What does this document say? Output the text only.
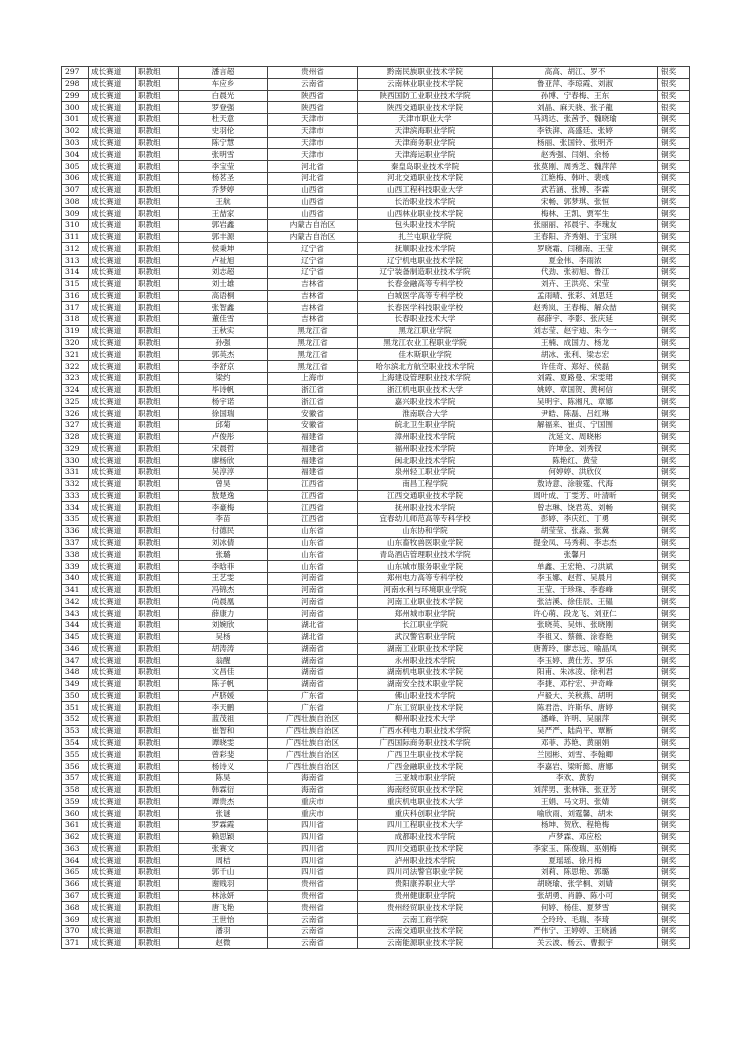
297	成长赛道	职教组	潘言超	贵州省	黔南民族职业技术学院	高高、胡江、罗不	银奖
298	成长赛道	职教组	车应乡	云南省	云南林业职业技术学院	鲁亚萍、李琼霞、刘淑	银奖
299	成长赛道	职教组	白晨光	陕西省	陕西国防工业职业技术学院	孙博、宁春梅、王东	银奖
300	成长赛道	职教组	罗登强	陕西省	陕西交通职业技术学院	刘晶、麻天骁、张子龍	银奖
301	成长赛道	职教组	杜天意	天津市	天津市职业大学	马鸿达、张茜予、魏晓瑜	铜奖
302	成长赛道	职教组	史羽伦	天津市	天津滨海职业学院	李铁湃、高盛廷、张婷	铜奖
303	成长赛道	职教组	陈宁慧	天津市	天津商务职业学院	杨丽、张国铃、张明齐	铜奖
304	成长赛道	职教组	张明雪	天津市	天津海运职业学院	赵秀强、闫娟、余杨	铜奖
305	成长赛道	职教组	李宝莹	河北省	秦皇岛职业技术学院	张莫刚、周秀芝、魏萍萍	铜奖
306	成长赛道	职教组	杨茗圣	河北省	河北交通职业技术学院	江艳梅、韩叶、裴彧	铜奖
307	成长赛道	职教组	乔梦婷	山西省	山西工程科技职业大学	武若涵、张博、李霖	铜奖
308	成长赛道	职教组	王航	山西省	长治职业技术学院	宋畅、郭梦琪、张恒	铜奖
309	成长赛道	职教组	王喆家	山西省	山西林业职业技术学院	梅林、王凯、贾军生	铜奖
310	成长赛道	职教组	郭岩鑫	内蒙古自治区	包头职业技术学院	张丽丽、祁晨宇、李瑰友	铜奖
311	成长赛道	职教组	郭丰源	内蒙古自治区	扎兰屯职业学院	王春阳、齐秀娟、于宝琪	铜奖
312	成长赛道	职教组	侯秉坤	辽宁省	抚顺职业技术学院	罗晓霜、闫穗南、王莹	铜奖
313	成长赛道	职教组	卢祉旭	辽宁省	辽宁机电职业技术学院	夏金伟、李雨浓	铜奖
314	成长赛道	职教组	刘志超	辽宁省	辽宁装备制造职业技术学院	代劲、张初旭、鲁江	铜奖
315	成长赛道	职教组	刘士雄	吉林省	长春金融高等专科学校	刘卉、王洪亮、宋莹	铜奖
316	成长赛道	职教组	高语桐	吉林省	白城医学高等专科学校	孟雨晴、张彩、刘思廷	铜奖
317	成长赛道	职教组	张智鑫	吉林省	长春医学科技职业学校	赵秀岚、王春梅、解众喆	铜奖
318	成长赛道	职教组	董佳雪	吉林省	长春职业技术大学	郝薛宇、李影、张庆延	铜奖
319	成长赛道	职教组	王秋实	黑龙江省	黑龙江职业学院	刘志莹、赵宇迪、朱今一	铜奖
320	成长赛道	职教组	孙强	黑龙江省	黑龙江农业工程职业学院	王楠、成国力、杨龙	铜奖
321	成长赛道	职教组	郭英杰	黑龙江省	佳木斯职业学院	胡冰、张利、梁志宏	铜奖
322	成长赛道	职教组	李舒京	黑龙江省	哈尔滨北方航空职业技术学院	许佳奇、郑好、侯磊	铜奖
323	成长赛道	职教组	梁约	上海市	上海建设管理职业技术学院	刘霞、夏路曼、宋雯珺	铜奖
324	成长赛道	职教组	毕诗帆	浙江省	浙江机电职业技术大学	姚婷、章国贺、黄柯信	铜奖
325	成长赛道	职教组	杨宇诺	浙江省	嘉兴职业技术学院	吴明宇、陈湘凡、章娜	铜奖
326	成长赛道	职教组	徐国瑞	安徽省	淮南联合大学	尹皓、陈磊、吕红琳	铜奖
327	成长赛道	职教组	邱菊	安徽省	皖北卫生职业学院	解福来、崔贞、宁国围	铜奖
328	成长赛道	职教组	卢俊彤	福建省	漳州职业技术学院	沈延文、周晓彬	铜奖
329	成长赛道	职教组	宋晨哲	福建省	福州职业技术学院	许坤金、刘秀钗	铜奖
330	成长赛道	职教组	廖杨欣	福建省	闽北职业技术学院	陈艳红、黄莹	铜奖
331	成长赛道	职教组	吴淳淳	福建省	泉州轻工职业学院	何婷婷、洪欣仪	铜奖
332	成长赛道	职教组	曾昊	江西省	南昌工程学院	敖诗意、涂骏霆、代海	铜奖
333	成长赛道	职教组	敖楚逸	江西省	江西交通职业技术学院	周叶成、丁雯芳、叶清昕	铜奖
334	成长赛道	职教组	李豪梅	江西省	抚州职业技术学院	曾志琳、饶君英、刘畅	铜奖
335	成长赛道	职教组	李苗	江西省	宜春幼儿师范高等专科学校	彭婷、李庆红、丁勇	铜奖
336	成长赛道	职教组	付德民	山东省	山东协和学院	胡莹莹、张淼、张冀	铜奖
337	成长赛道	职教组	刘冰倩	山东省	山东畜牧兽医职业学院	提金凤、马秀莉、李志杰	铜奖
338	成长赛道	职教组	张璐	山东省	青岛酒店管理职业技术学院	张馨月	铜奖
339	成长赛道	职教组	李晗菲	山东省	山东城市服务职业学院	单鑫、王宏艳、刁洪斌	铜奖
340	成长赛道	职教组	王艺雯	河南省	郑州电力高等专科学校	李玉娜、赵哲、吴晨月	铜奖
341	成长赛道	职教组	冯锦杰	河南省	河南水利与环境职业学院	王莹、于珍珠、李春峰	铜奖
342	成长赛道	职教组	尚晨凰	河南省	河南工业职业技术学院	张洁溪、徐佳辰、王韫	铜奖
343	成长赛道	职教组	薛康力	河南省	郑州城市职业学院	许心萌、段龙飞、刘亚仁	铜奖
344	成长赛道	职教组	刘婉欣	湖北省	长江职业学院	张晓英、吴炜、张晓刚	铜奖
345	成长赛道	职教组	吴杨	湖北省	武汉警官职业学院	李祖又、蔡薇、涂春艳	铜奖
346	成长赛道	职教组	胡涛涛	湖南省	湖南工业职业技术学院	唐菁玲、廖志远、喻晶凤	铜奖
347	成长赛道	职教组	翁醒	湖南省	永州职业技术学院	李玉婷、黄仕芳、罗乐	铜奖
348	成长赛道	职教组	文昌佳	湖南省	湖南机电职业技术学院	阳甫、朱冰凌、徐利君	铜奖
349	成长赛道	职教组	陈子帆	湖南省	湖南安全技术职业学院	李捷、邓柠宏、尹奇峰	铜奖
350	成长赛道	职教组	卢脐媛	广东省	佛山职业技术学院	卢毅大、关秋燕、胡明	铜奖
351	成长赛道	职教组	李天鹏	广东省	广东工贸职业技术学院	陈君浩、许斯华、唐婷	铜奖
352	成长赛道	职教组	蓝茂祖	广西壮族自治区	柳州职业技术大学	潘峰、许明、吴丽萍	铜奖
353	成长赛道	职教组	崔智和	广西壮族自治区	广西水利电力职业技术学院	吴严严、陆尚平、覃断	铜奖
354	成长赛道	职教组	谭晓雯	广西壮族自治区	广西国际商务职业技术学院	邓菲、苏艳、黄丽娟	铜奖
355	成长赛道	职教组	曾彩斐	广西壮族自治区	广西卫生职业技术学院	兰园彬、刘雪、李翰卿	铜奖
356	成长赛道	职教组	杨诗义	广西壮族自治区	广西金融职业技术学院	李嘉岩、梁昕懿、唐娜	铜奖
357	成长赛道	职教组	陈昊	海南省	三亚城市职业学院	李欢、黄豹	铜奖
358	成长赛道	职教组	韩霖衍	海南省	海南经贸职业技术学院	刘萍男、张林锋、张亚芳	铜奖
359	成长赛道	职教组	谭贵杰	重庆市	重庆机电职业技术大学	王娟、马文玥、张婧	铜奖
360	成长赛道	职教组	张谜	重庆市	重庆科创职业学院	喻欣雨、刘霆馨、胡未	铜奖
361	成长赛道	职教组	罗霖霞	四川省	四川工程职业技术大学	杨坤、贺欣、程艳梅	铜奖
362	成长赛道	职教组	赖思颖	四川省	成都职业技术学院	卢梦霖、邓应松	铜奖
363	成长赛道	职教组	张赛文	四川省	四川交通职业技术学院	李家玉、陈俊瑞、巫娟梅	铜奖
364	成长赛道	职教组	周桔	四川省	泸州职业技术学院	夏瑶瑶、徐月梅	铜奖
365	成长赛道	职教组	郭千山	四川省	四川司法警官职业学院	刘莉、陈思艳、郭璐	铜奖
366	成长赛道	职教组	谢贱羽	贵州省	贵阳康养职业大学	胡晓瑜、张学桐、刘婧	铜奖
367	成长赛道	职教组	林泳妍	贵州省	贵州健康职业学院	张胡勇、肖静、陈小可	铜奖
368	成长赛道	职教组	唐飞艳	贵州省	贵州经贸职业技术学院	何婷、杨佳、夏梦雪	铜奖
369	成长赛道	职教组	王世怡	云南省	云南工商学院	仝玲玲、毛瑞、李琦	铜奖
370	成长赛道	职教组	潘羽	云南省	云南交通职业技术学院	严伟宁、王婷婷、王晓涵	铜奖
371	成长赛道	职教组	赵微	云南省	云南能源职业技术学院	关云波、杨云、曹振宇	铜奖
